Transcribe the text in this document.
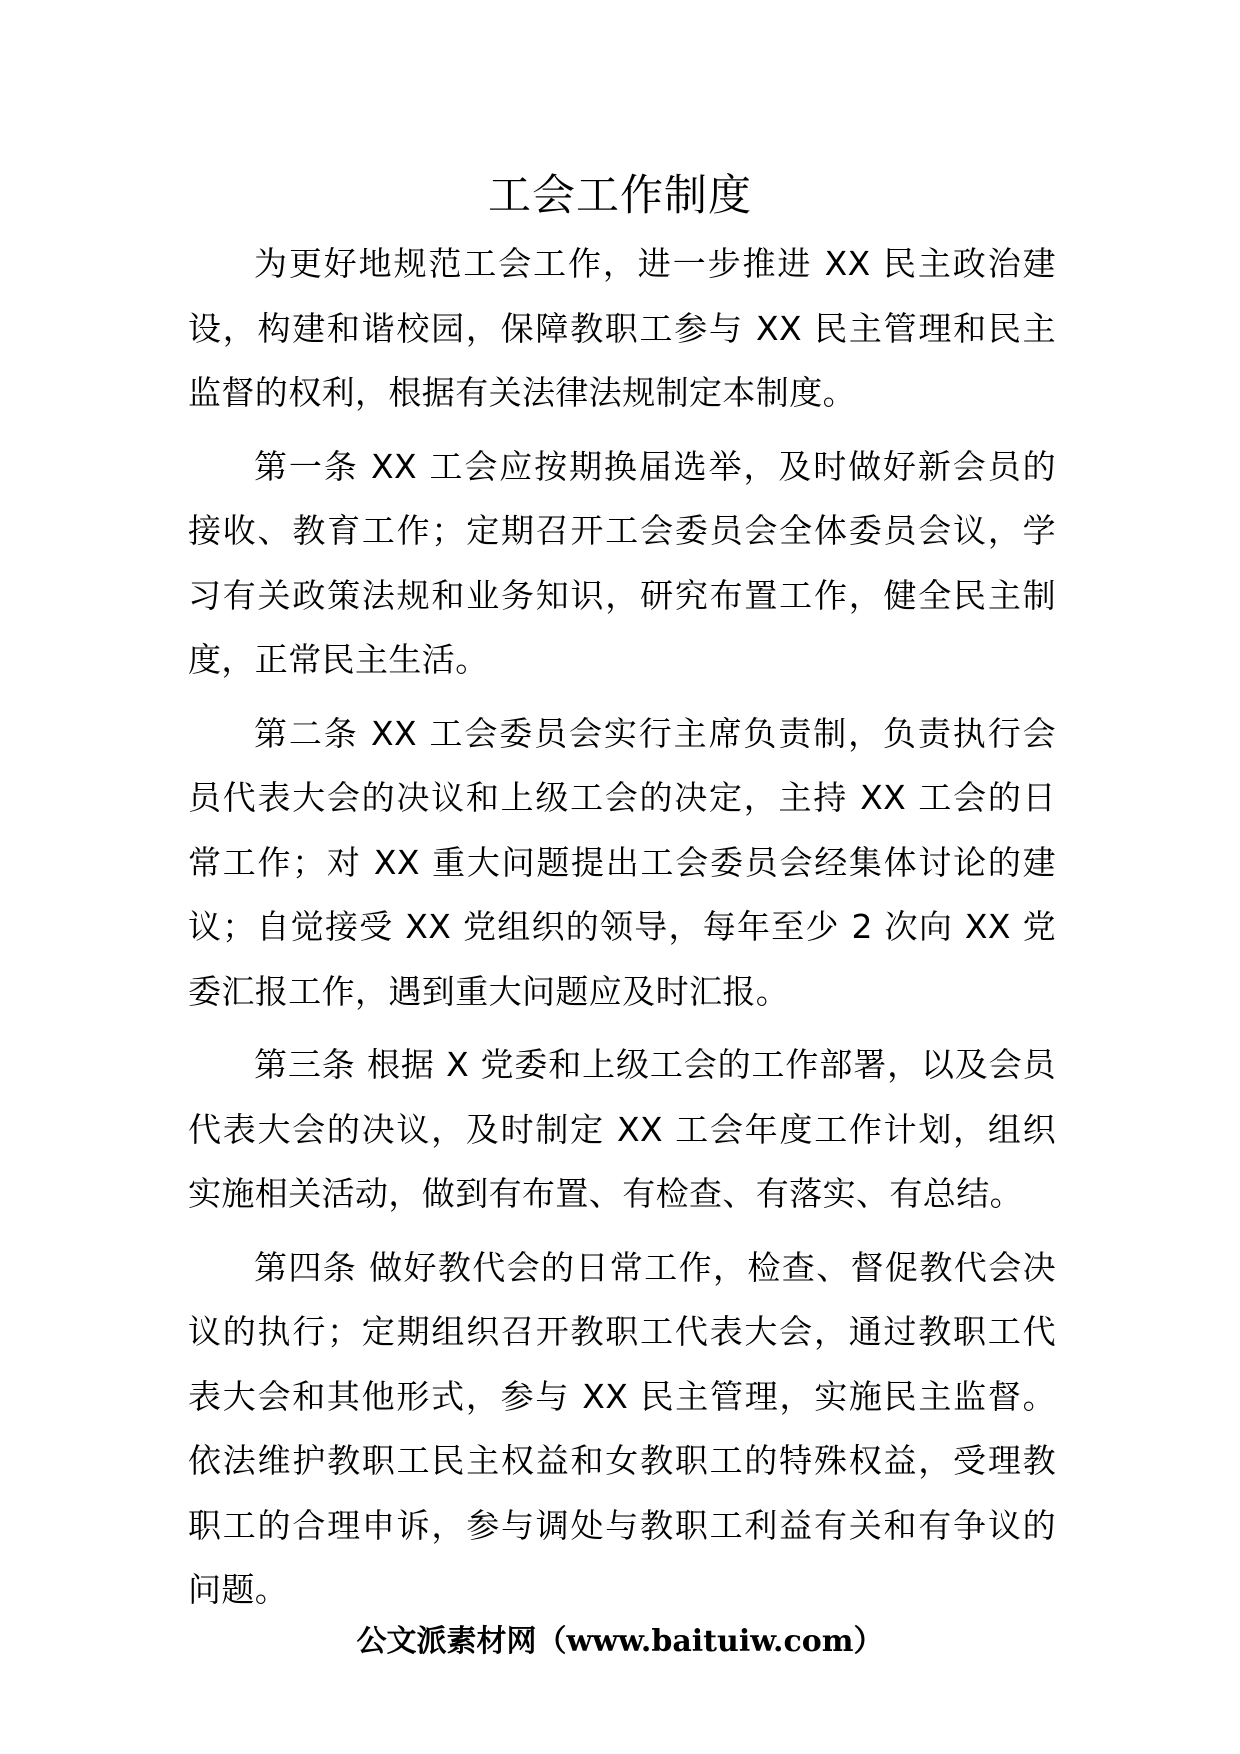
工会工作制度

为更好地规范工会工作，进一步推进 XX 民主政治建设，构建和谐校园，保障教职工参与 XX 民主管理和民主监督的权利，根据有关法律法规制定本制度。

第一条 XX 工会应按期换届选举，及时做好新会员的接收、教育工作；定期召开工会委员会全体委员会议，学习有关政策法规和业务知识，研究布置工作，健全民主制度，正常民主生活。

第二条 XX 工会委员会实行主席负责制，负责执行会员代表大会的决议和上级工会的决定，主持 XX 工会的日常工作；对 XX 重大问题提出工会委员会经集体讨论的建议；自觉接受 XX 党组织的领导，每年至少 2 次向 XX 党委汇报工作，遇到重大问题应及时汇报。

第三条 根据 X 党委和上级工会的工作部署，以及会员代表大会的决议，及时制定 XX 工会年度工作计划，组织实施相关活动，做到有布置、有检查、有落实、有总结。

第四条 做好教代会的日常工作，检查、督促教代会决议的执行；定期组织召开教职工代表大会，通过教职工代表大会和其他形式，参与 XX 民主管理，实施民主监督。依法维护教职工民主权益和女教职工的特殊权益，受理教职工的合理申诉，参与调处与教职工利益有关和有争议的问题。

公文派素材网（www.baituiw.com）
